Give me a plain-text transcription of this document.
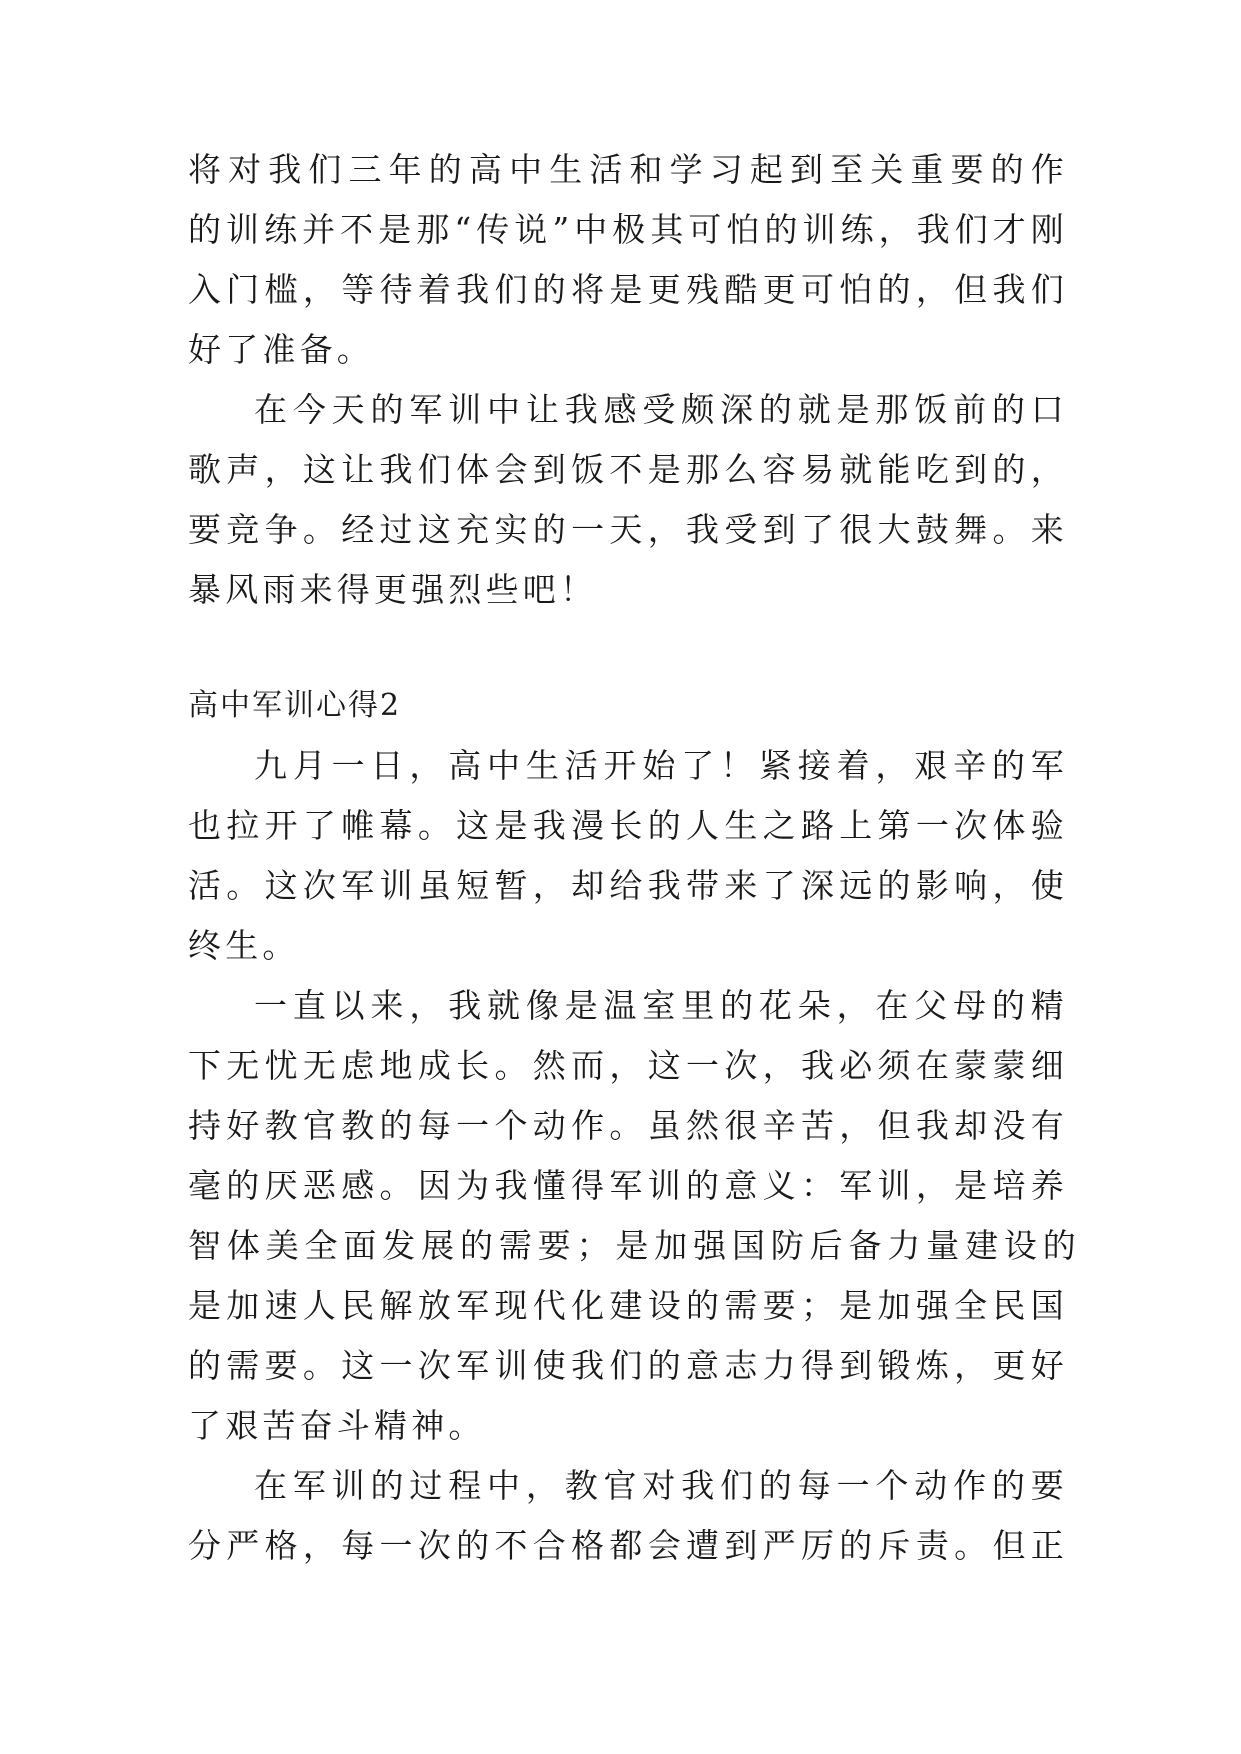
将对我们三年的高中生活和学习起到至关重要的作
的训练并不是那“传说”中极其可怕的训练，我们才刚
入门槛，等待着我们的将是更残酷更可怕的，但我们
好了准备。
在今天的军训中让我感受颇深的就是那饭前的口
歌声，这让我们体会到饭不是那么容易就能吃到的，
要竞争。经过这充实的一天，我受到了很大鼓舞。来
暴风雨来得更强烈些吧！
高中军训心得2
九月一日，高中生活开始了！紧接着，艰辛的军
也拉开了帷幕。这是我漫长的人生之路上第一次体验
活。这次军训虽短暂，却给我带来了深远的影响，使
终生。
一直以来，我就像是温室里的花朵，在父母的精
下无忧无虑地成长。然而，这一次，我必须在蒙蒙细
持好教官教的每一个动作。虽然很辛苦，但我却没有
毫的厌恶感。因为我懂得军训的意义：军训，是培养
智体美全面发展的需要；是加强国防后备力量建设的
是加速人民解放军现代化建设的需要；是加强全民国
的需要。这一次军训使我们的意志力得到锻炼，更好
了艰苦奋斗精神。
在军训的过程中，教官对我们的每一个动作的要
分严格，每一次的不合格都会遭到严厉的斥责。但正
